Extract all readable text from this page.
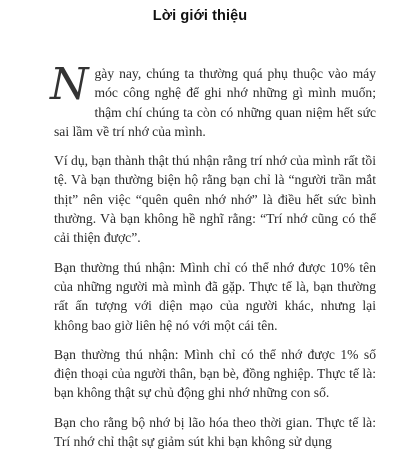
Lời giới thiệu

Ngày nay, chúng ta thường quá phụ thuộc vào máy móc công nghệ để ghi nhớ những gì mình muốn; thậm chí chúng ta còn có những quan niệm hết sức sai lầm về trí nhớ của mình.

Ví dụ, bạn thành thật thú nhận rằng trí nhớ của mình rất tồi tệ. Và bạn thường biện hộ rằng bạn chỉ là “người trần mắt thịt” nên việc “quên quên nhớ nhớ” là điều hết sức bình thường. Và bạn không hề nghĩ rằng: “Trí nhớ cũng có thể cải thiện được”.

Bạn thường thú nhận: Mình chỉ có thể nhớ được 10% tên của những người mà mình đã gặp. Thực tế là, bạn thường rất ấn tượng với diện mạo của người khác, nhưng lại không bao giờ liên hệ nó với một cái tên.

Bạn thường thú nhận: Mình chỉ có thể nhớ được 1% số điện thoại của người thân, bạn bè, đồng nghiệp. Thực tế là: bạn không thật sự chủ động ghi nhớ những con số.

Bạn cho rằng bộ nhớ bị lão hóa theo thời gian. Thực tế là: Trí nhớ chỉ thật sự giảm sút khi bạn không sử dụng
